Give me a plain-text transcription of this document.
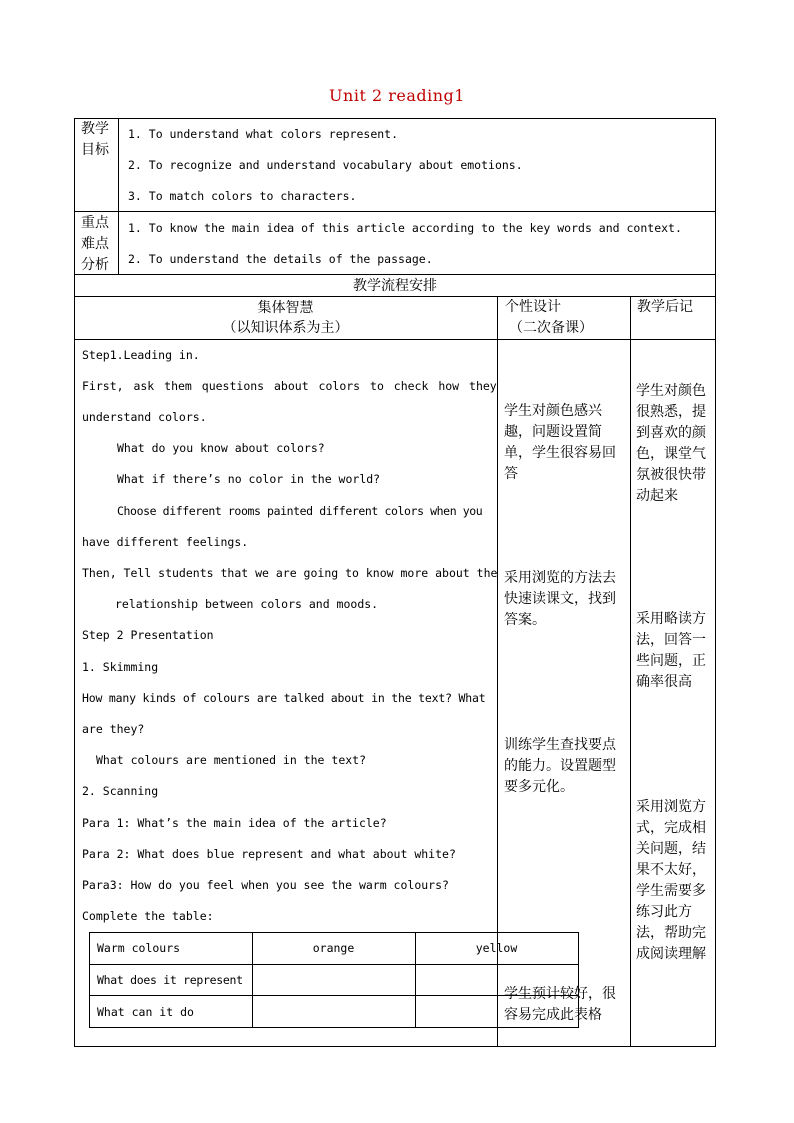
Unit 2 reading1
教学
目标
1. To understand what colors represent.
2. To recognize and understand vocabulary about emotions.
3. To match colors to characters.
重点
难点
分析
1. To know the main idea of this article according to the key words and context.
2. To understand the details of the passage.
教学流程安排
集体智慧
（以知识体系为主）
个性设计
（二次备课）
教学后记
Step1.Leading in.
First, ask them questions about colors to check how they
understand colors.
What do you know about colors?
What if there’s no color in the world?
Choose different rooms painted different colors when you
have different feelings.
Then, Tell students that we are going to know more about the
relationship between colors and moods.
Step 2 Presentation
1. Skimming
How many kinds of colours are talked about in the text? What
are they?
What colours are mentioned in the text?
2. Scanning
Para 1: What’s the main idea of the article?
Para 2: What does blue represent and what about white?
Para3: How do you feel when you see the warm colours?
Complete the table:
Warm colours	orange	yellow
What does it represent
What can it do
学生对颜色感兴趣，问题设置简单，学生很容易回答
采用浏览的方法去快速读课文，找到答案。
训练学生查找要点的能力。设置题型要多元化。
学生预计较好，很容易完成此表格
学生对颜色很熟悉，提到喜欢的颜色，课堂气氛被很快带动起来
采用略读方法，回答一些问题，正确率很高
采用浏览方式，完成相关问题，结果不太好，学生需要多练习此方法，帮助完成阅读理解
